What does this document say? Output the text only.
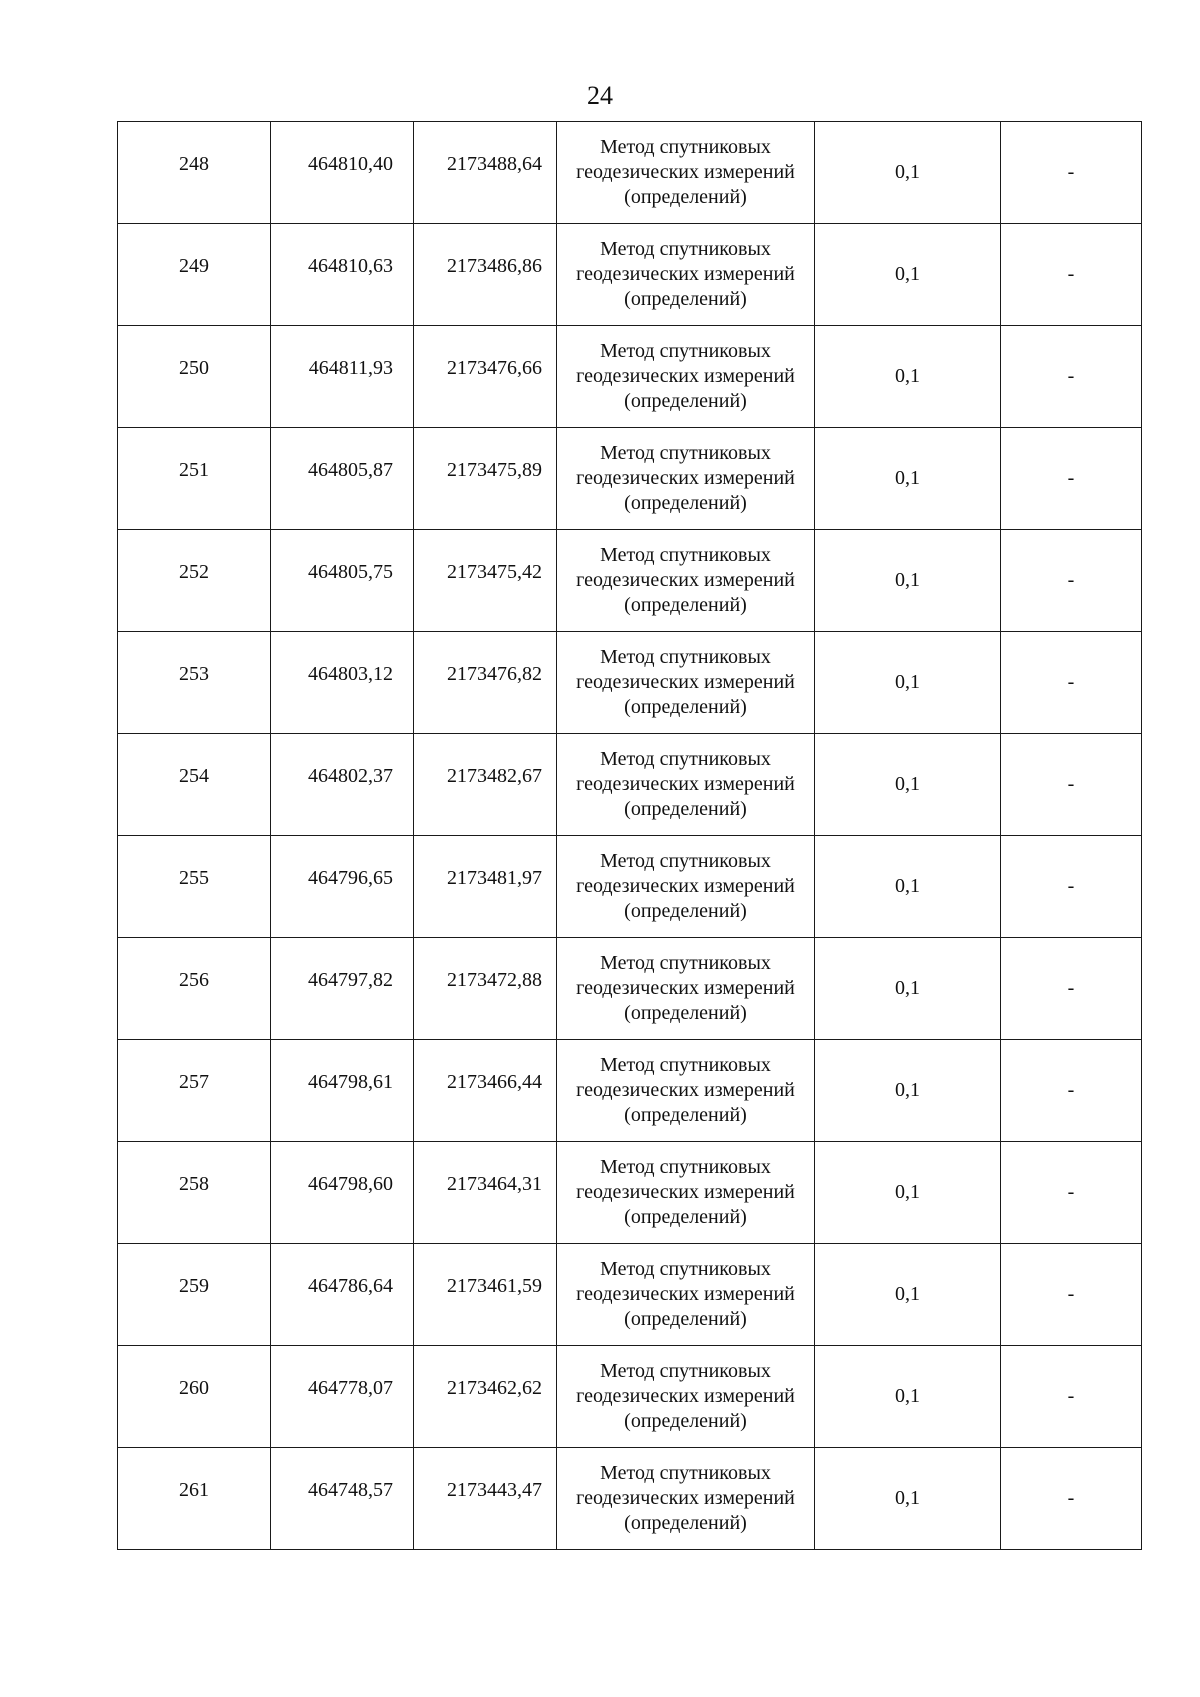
24
248	464810,40	2173488,64	Метод спутниковых
геодезических измерений
(определений)	0,1	-
249	464810,63	2173486,86	Метод спутниковых
геодезических измерений
(определений)	0,1	-
250	464811,93	2173476,66	Метод спутниковых
геодезических измерений
(определений)	0,1	-
251	464805,87	2173475,89	Метод спутниковых
геодезических измерений
(определений)	0,1	-
252	464805,75	2173475,42	Метод спутниковых
геодезических измерений
(определений)	0,1	-
253	464803,12	2173476,82	Метод спутниковых
геодезических измерений
(определений)	0,1	-
254	464802,37	2173482,67	Метод спутниковых
геодезических измерений
(определений)	0,1	-
255	464796,65	2173481,97	Метод спутниковых
геодезических измерений
(определений)	0,1	-
256	464797,82	2173472,88	Метод спутниковых
геодезических измерений
(определений)	0,1	-
257	464798,61	2173466,44	Метод спутниковых
геодезических измерений
(определений)	0,1	-
258	464798,60	2173464,31	Метод спутниковых
геодезических измерений
(определений)	0,1	-
259	464786,64	2173461,59	Метод спутниковых
геодезических измерений
(определений)	0,1	-
260	464778,07	2173462,62	Метод спутниковых
геодезических измерений
(определений)	0,1	-
261	464748,57	2173443,47	Метод спутниковых
геодезических измерений
(определений)	0,1	-
